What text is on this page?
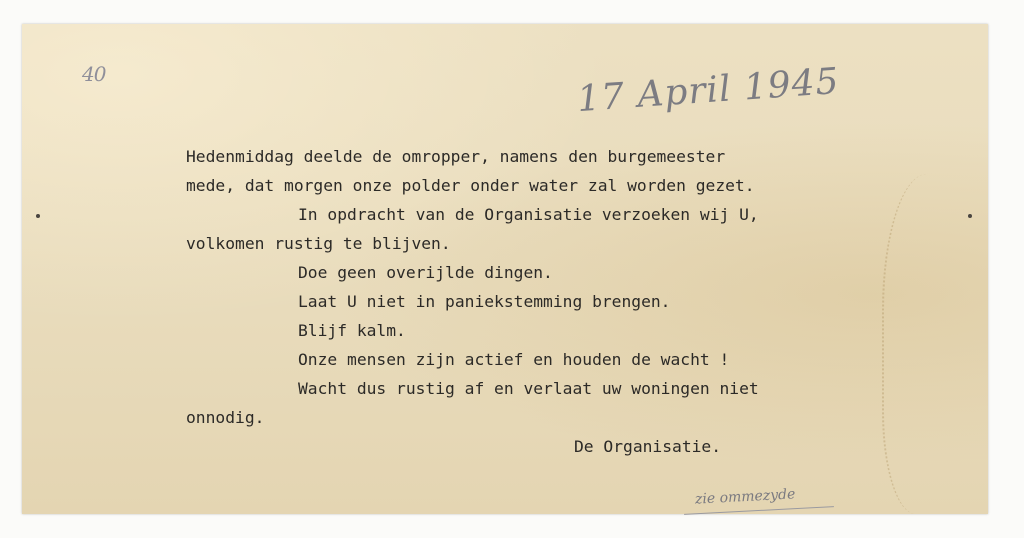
40	17 April 1945
Hedenmiddag deelde de omropper, namens den burgemeester
mede, dat morgen onze polder onder water zal worden gezet.
In opdracht van de Organisatie verzoeken wij U,
volkomen rustig te blijven.
Doe geen overijlde dingen.
Laat U niet in paniekstemming brengen.
Blijf kalm.
Onze mensen zijn actief en houden de wacht !
Wacht dus rustig af en verlaat uw woningen niet
onnodig.
De Organisatie.
zie ommezyde
